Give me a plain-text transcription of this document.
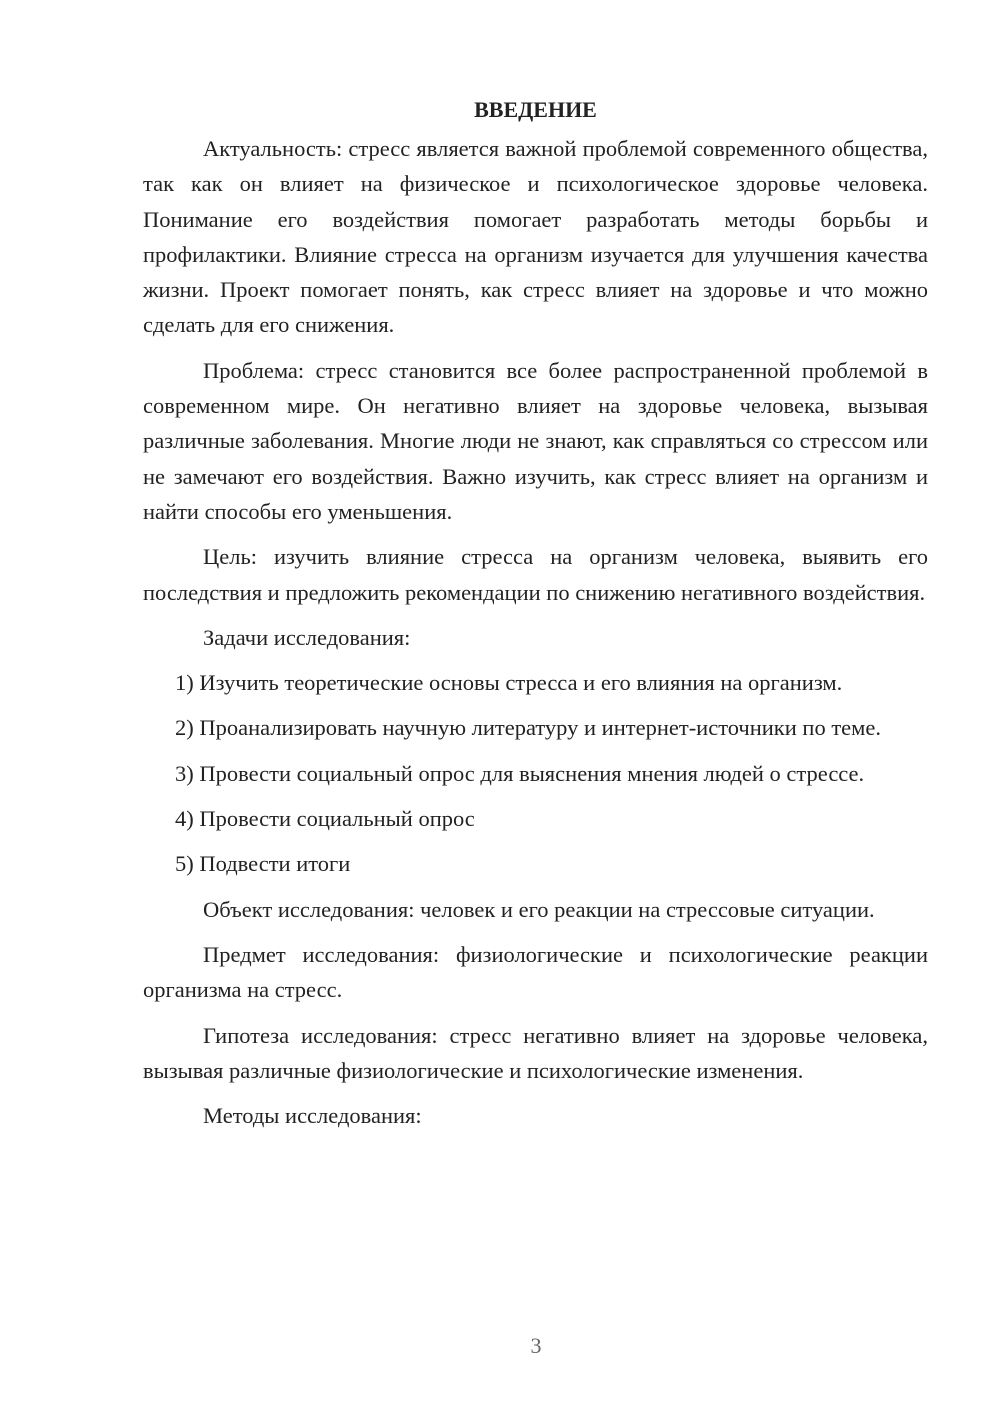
ВВЕДЕНИЕ

Актуальность: стресс является важной проблемой современного общества, так как он влияет на физическое и психологическое здоровье человека. Понимание его воздействия помогает разработать методы борьбы и профилактики. Влияние стресса на организм изучается для улучшения качества жизни. Проект помогает понять, как стресс влияет на здоровье и что можно сделать для его снижения.

Проблема: стресс становится все более распространенной проблемой в современном мире. Он негативно влияет на здоровье человека, вызывая различные заболевания. Многие люди не знают, как справляться со стрессом или не замечают его воздействия. Важно изучить, как стресс влияет на организм и найти способы его уменьшения.

Цель: изучить влияние стресса на организм человека, выявить его последствия и предложить рекомендации по снижению негативного воздействия.

Задачи исследования:

1) Изучить теоретические основы стресса и его влияния на организм.

2) Проанализировать научную литературу и интернет-источники по теме.

3) Провести социальный опрос для выяснения мнения людей о стрессе.

4) Провести социальный опрос

5) Подвести итоги

Объект исследования: человек и его реакции на стрессовые ситуации.

Предмет исследования: физиологические и психологические реакции организма на стресс.

Гипотеза исследования: стресс негативно влияет на здоровье человека, вызывая различные физиологические и психологические изменения.

Методы исследования:

3
